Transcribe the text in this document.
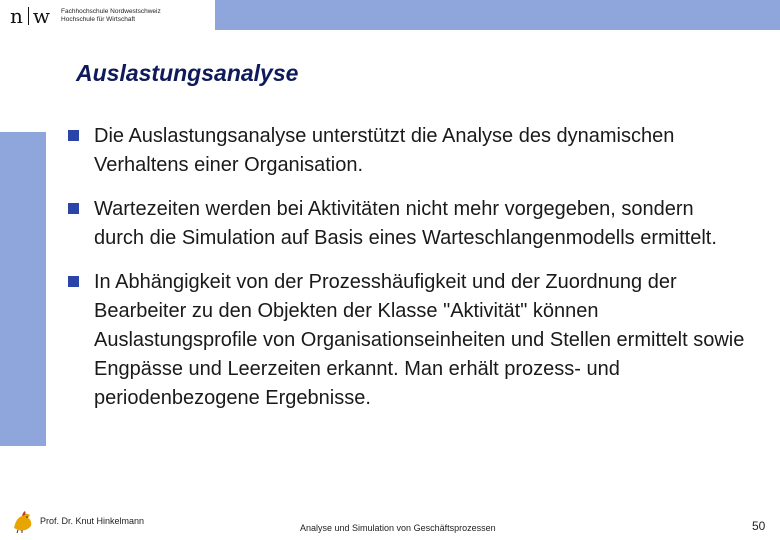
n w Fachhochschule Nordwestschweiz
Hochschule für Wirtschaft
Auslastungsanalyse
Die Auslastungsanalyse unterstützt die Analyse des dynamischen Verhaltens einer Organisation.
Wartezeiten werden bei Aktivitäten nicht mehr vorgegeben, sondern durch die Simulation auf Basis eines Warteschlangenmodells ermittelt.
In Abhängigkeit von der Prozesshäufigkeit und der Zuordnung der Bearbeiter zu den Objekten der Klasse "Aktivität" können Auslastungsprofile von Organisationseinheiten und Stellen ermittelt sowie Engpässe und Leerzeiten erkannt. Man erhält prozess- und periodenbezogene Ergebnisse.
Prof. Dr. Knut Hinkelmann
Analyse und Simulation von Geschäftsprozessen	50
